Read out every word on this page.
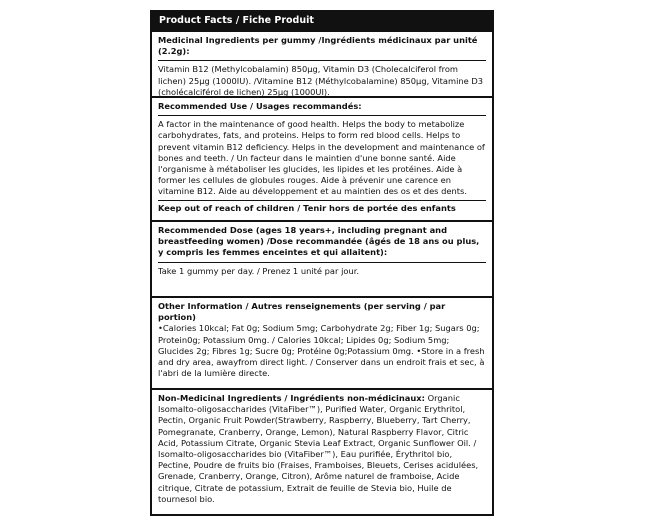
Product Facts / Fiche Produit
Medicinal Ingredients per gummy /Ingrédients médicinaux par unité (2.2g):
Vitamin B12 (Methylcobalamin) 850µg, Vitamin D3 (Cholecalciferol from lichen) 25µg (1000IU). /Vitamine B12 (Méthylcobalamine) 850µg, Vitamine D3 (cholécalciférol de lichen) 25µg (1000UI).
Recommended Use / Usages recommandés:
A factor in the maintenance of good health. Helps the body to metabolize carbohydrates, fats, and proteins. Helps to form red blood cells. Helps to prevent vitamin B12 deficiency. Helps in the development and maintenance of bones and teeth. / Un facteur dans le maintien d'une bonne santé. Aide l'organisme à métaboliser les glucides, les lipides et les protéines. Aide à former les cellules de globules rouges. Aide à prévenir une carence en vitamine B12. Aide au développement et au maintien des os et des dents.
Keep out of reach of children / Tenir hors de portée des enfants
Recommended Dose (ages 18 years+, including pregnant and breastfeeding women) /Dose recommandée (âgés de 18 ans ou plus, y compris les femmes enceintes et qui allaitent):
Take 1 gummy per day. / Prenez 1 unité par jour.
Other Information / Autres renseignements (per serving / par portion)
•Calories 10kcal; Fat 0g; Sodium 5mg; Carbohydrate 2g; Fiber 1g; Sugars 0g; Protein0g; Potassium 0mg. / Calories 10kcal; Lipides 0g; Sodium 5mg; Glucides 2g; Fibres 1g; Sucre 0g; Protéine 0g;Potassium 0mg. •Store in a fresh and dry area, awayfrom direct light. / Conserver dans un endroit frais et sec, à l'abri de la lumière directe.
Non-Medicinal Ingredients / Ingrédients non-médicinaux: Organic Isomalto-oligosaccharides (VitaFiber™), Purified Water, Organic Erythritol, Pectin, Organic Fruit Powder(Strawberry, Raspberry, Blueberry, Tart Cherry, Pomegranate, Cranberry, Orange, Lemon), Natural Raspberry Flavor, Citric Acid, Potassium Citrate, Organic Stevia Leaf Extract, Organic Sunflower Oil. / Isomalto-oligosaccharides bio (VitaFiber™), Eau purifiée, Érythritol bio, Pectine, Poudre de fruits bio (Fraises, Framboises, Bleuets, Cerises acidulées, Grenade, Cranberry, Orange, Citron), Arôme naturel de framboise, Acide citrique, Citrate de potassium, Extrait de feuille de Stevia bio, Huile de tournesol bio.
